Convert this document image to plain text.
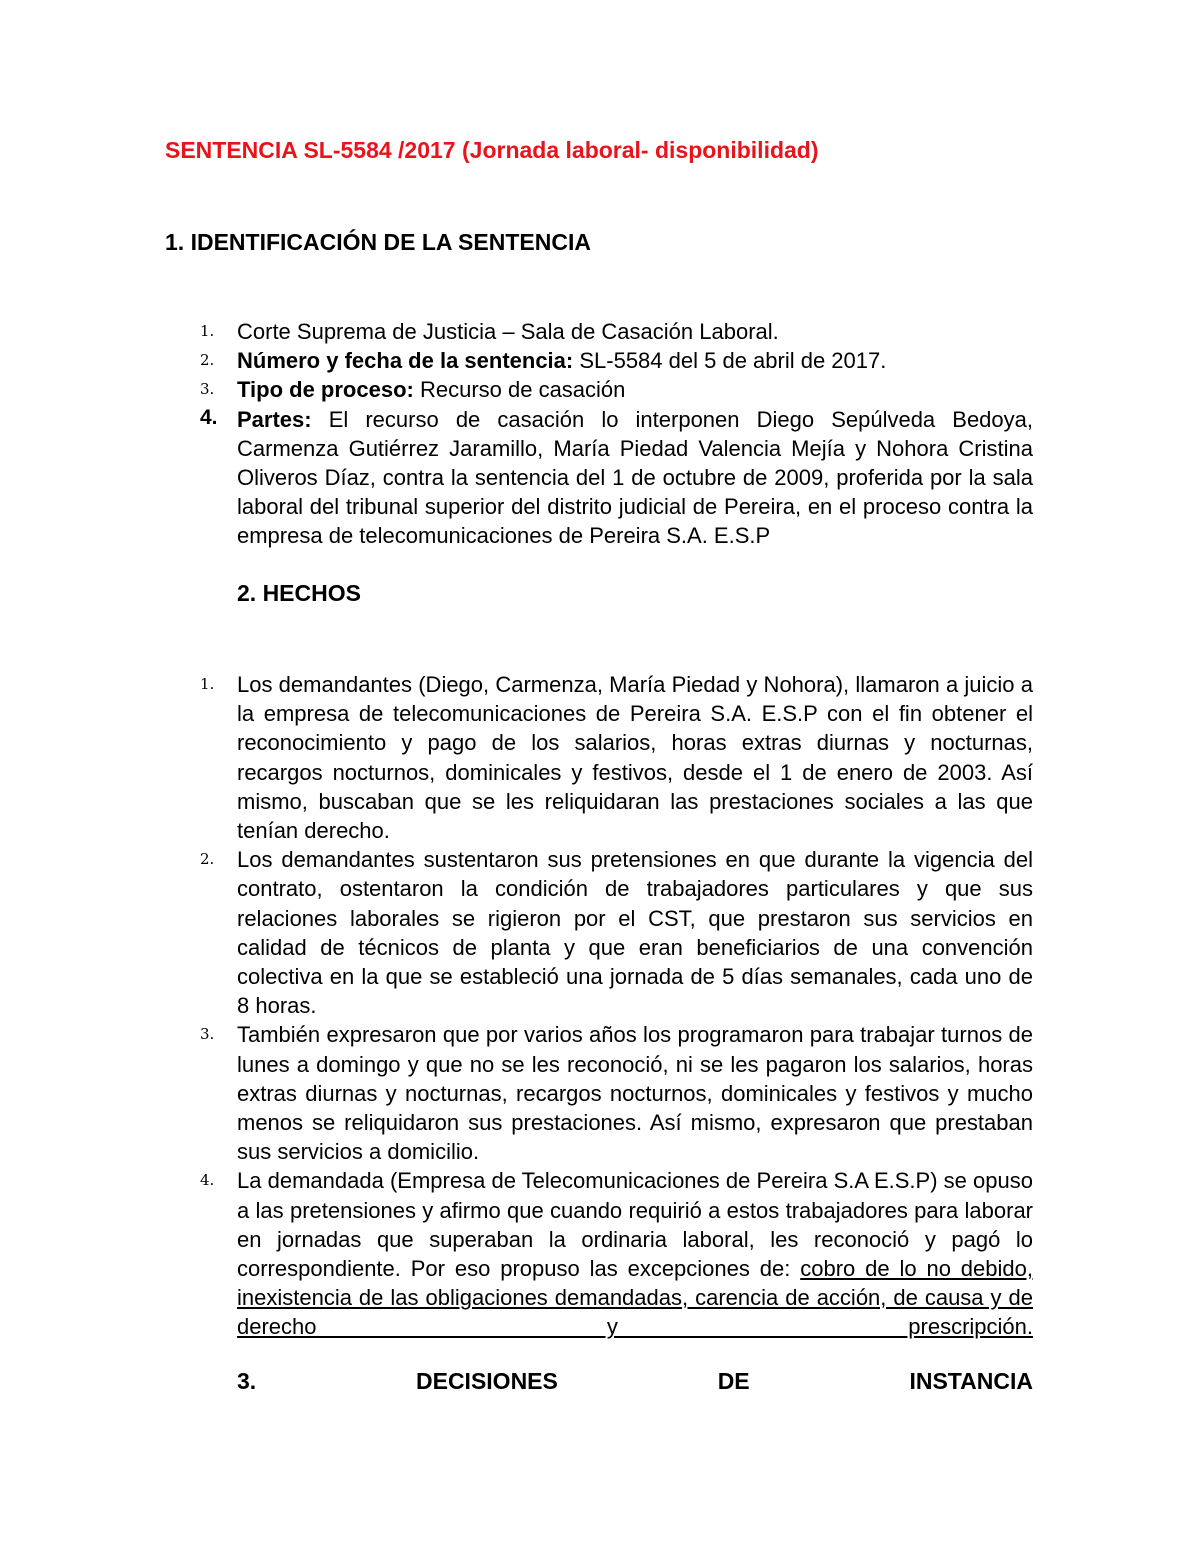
SENTENCIA SL-5584 /2017 (Jornada laboral- disponibilidad)
1. IDENTIFICACIÓN DE LA SENTENCIA
1. Corte Suprema de Justicia – Sala de Casación Laboral.
2. Número y fecha de la sentencia: SL-5584 del 5 de abril de 2017.
3. Tipo de proceso: Recurso de casación
4. Partes: El recurso de casación lo interponen Diego Sepúlveda Bedoya, Carmenza Gutiérrez Jaramillo, María Piedad Valencia Mejía y Nohora Cristina Oliveros Díaz, contra la sentencia del 1 de octubre de 2009, proferida por la sala laboral del tribunal superior del distrito judicial de Pereira, en el proceso contra la empresa de telecomunicaciones de Pereira S.A. E.S.P
2. HECHOS
1. Los demandantes (Diego, Carmenza, María Piedad y Nohora), llamaron a juicio a la empresa de telecomunicaciones de Pereira S.A. E.S.P con el fin obtener el reconocimiento y pago de los salarios, horas extras diurnas y nocturnas, recargos nocturnos, dominicales y festivos, desde el 1 de enero de 2003. Así mismo, buscaban que se les reliquidaran las prestaciones sociales a las que tenían derecho.
2. Los demandantes sustentaron sus pretensiones en que durante la vigencia del contrato, ostentaron la condición de trabajadores particulares y que sus relaciones laborales se rigieron por el CST, que prestaron sus servicios en calidad de técnicos de planta y que eran beneficiarios de una convención colectiva en la que se estableció una jornada de 5 días semanales, cada uno de 8 horas.
3. También expresaron que por varios años los programaron para trabajar turnos de lunes a domingo y que no se les reconoció, ni se les pagaron los salarios, horas extras diurnas y nocturnas, recargos nocturnos, dominicales y festivos y mucho menos se reliquidaron sus prestaciones. Así mismo, expresaron que prestaban sus servicios a domicilio.
4. La demandada (Empresa de Telecomunicaciones de Pereira S.A E.S.P) se opuso a las pretensiones y afirmo que cuando requirió a estos trabajadores para laborar en jornadas que superaban la ordinaria laboral, les reconoció y pagó lo correspondiente. Por eso propuso las excepciones de: cobro de lo no debido, inexistencia de las obligaciones demandadas, carencia de acción, de causa y de derecho y prescripción.
3.	DECISIONES	DE	INSTANCIA
